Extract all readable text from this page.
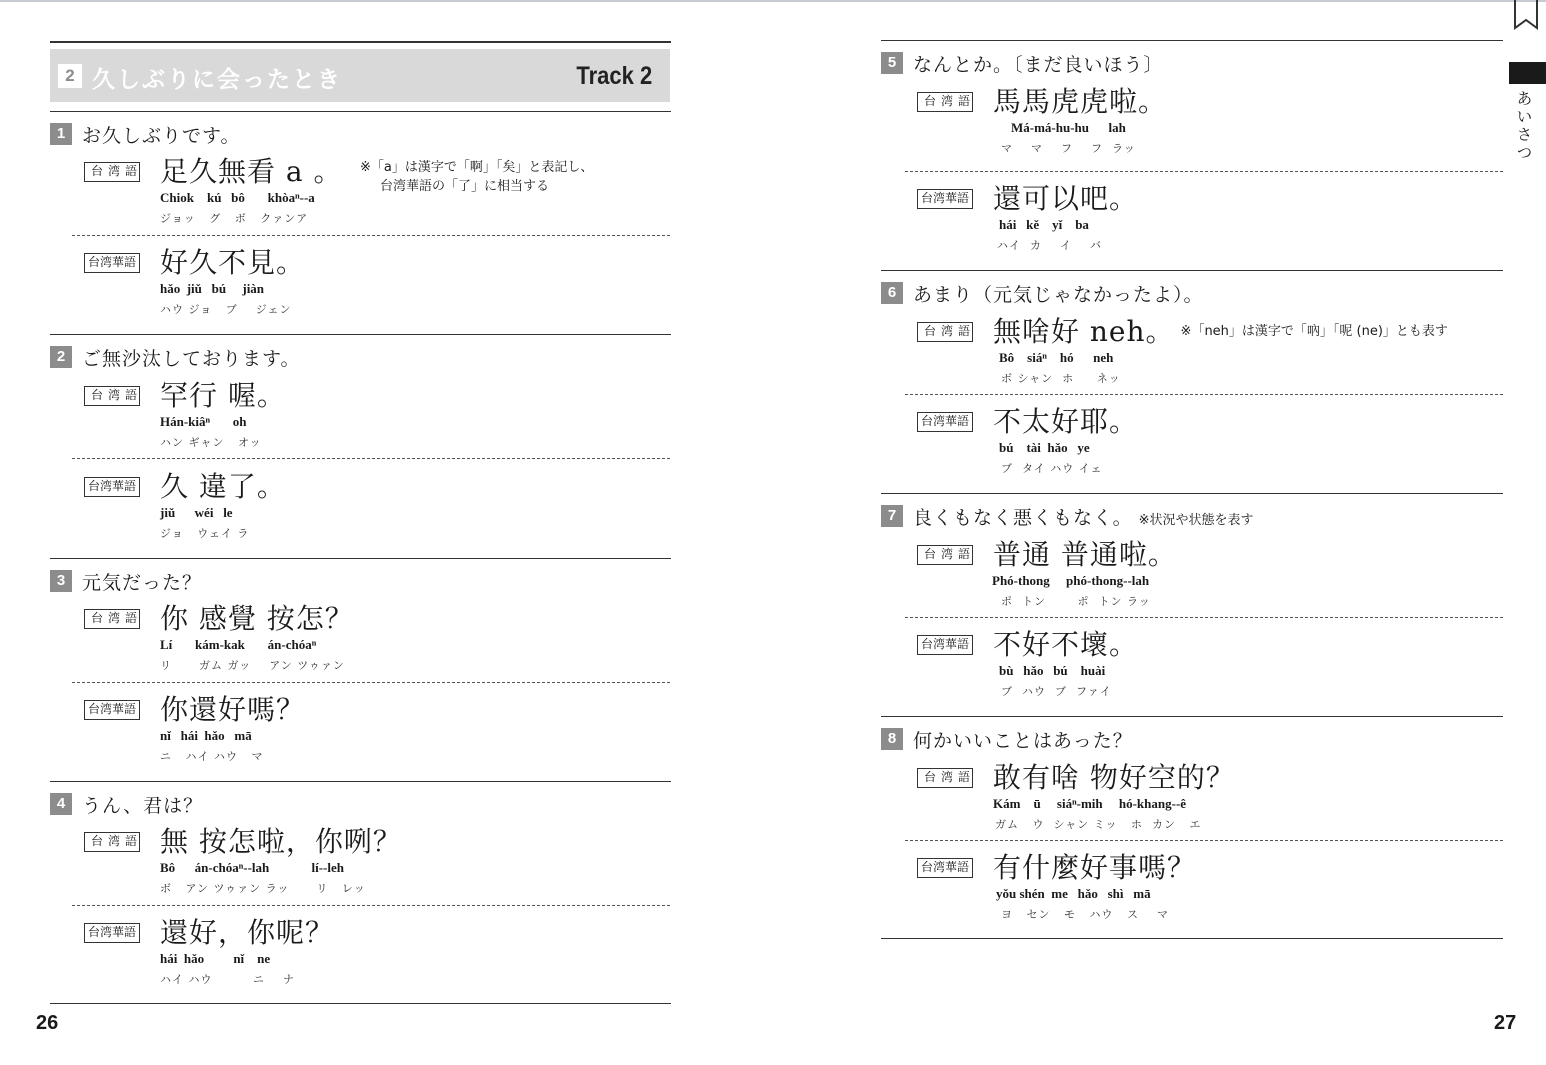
2 久しぶりに会ったとき	Track 2
1 お久しぶりです。
台湾語 足久無看 a 。
Chiok    kú   bô       khòaⁿ--a
ジョッ   グ   ボ   クァンア
※「a」は漢字で「啊」「矣」と表記し、
台湾華語の「了」に相当する
台湾華語 好久不見。
hǎo  jiǔ   bú     jiàn
ハウ ジョ   ブ    ジェン
2 ご無沙汰しております。
台湾語 罕行 喔。
Hán-kiâⁿ       oh
ハン ギャン   オッ
台湾華語 久 違了。
jiǔ      wéi   le
ジョ   ウェイ ラ
3 元気だった？
台湾語 你 感覺 按怎？
Lí       kám-kak       án-chóaⁿ
リ      ガム ガッ    アン ツゥァン
台湾華語 你還好嗎？
nǐ   hái  hǎo   mā
ニ   ハイ ハウ   マ
4 うん、君は？
台湾語 無 按怎啦，你咧？
Bô      án-chóaⁿ--lah             lí--leh
ボ   アン ツゥァン ラッ      リ   レッ
台湾華語 還好，你呢？
hái  hǎo         nǐ    ne
ハイ ハウ         ニ    ナ
26
5 なんとか。〔まだ良いほう〕
台湾語 馬馬虎虎啦。
Má-má-hu-hu      lah
マ    マ    フ    フ  ラッ
台湾華語 還可以吧。
hái   kě    yǐ    ba
ハイ  カ    イ    バ
6 あまり（元気じゃなかったよ）。
台湾語 無啥好 neh。 $^{※「neh」は漢字で「吶」「呢 (ne)」とも表す}$
Bô    siáⁿ    hó      neh
ボ シャン  ホ     ネッ
台湾華語 不太好耶。
bú    tài  hǎo   ye
ブ  タイ ハウ イェ
7 良くもなく悪くもなく。 ※状況や状態を表す
台湾語 普通 普通啦。
Phó-thong     phó-thong--lah
ポ  トン       ポ  トン ラッ
台湾華語 不好不壞。
bù   hǎo   bú    huài
ブ  ハウ  ブ  ファイ
8 何かいいことはあった？
台湾語 敢有啥 物好空的？
Kám    ū     siáⁿ-mih     hó-khang--ê
ガム   ウ  シャン ミッ   ホ  カン   エ
台湾華語 有什麼好事嗎？
yǒu shén  me   hǎo   shì   mā
ヨ   セン   モ   ハウ   ス    マ
27
あいさつ
